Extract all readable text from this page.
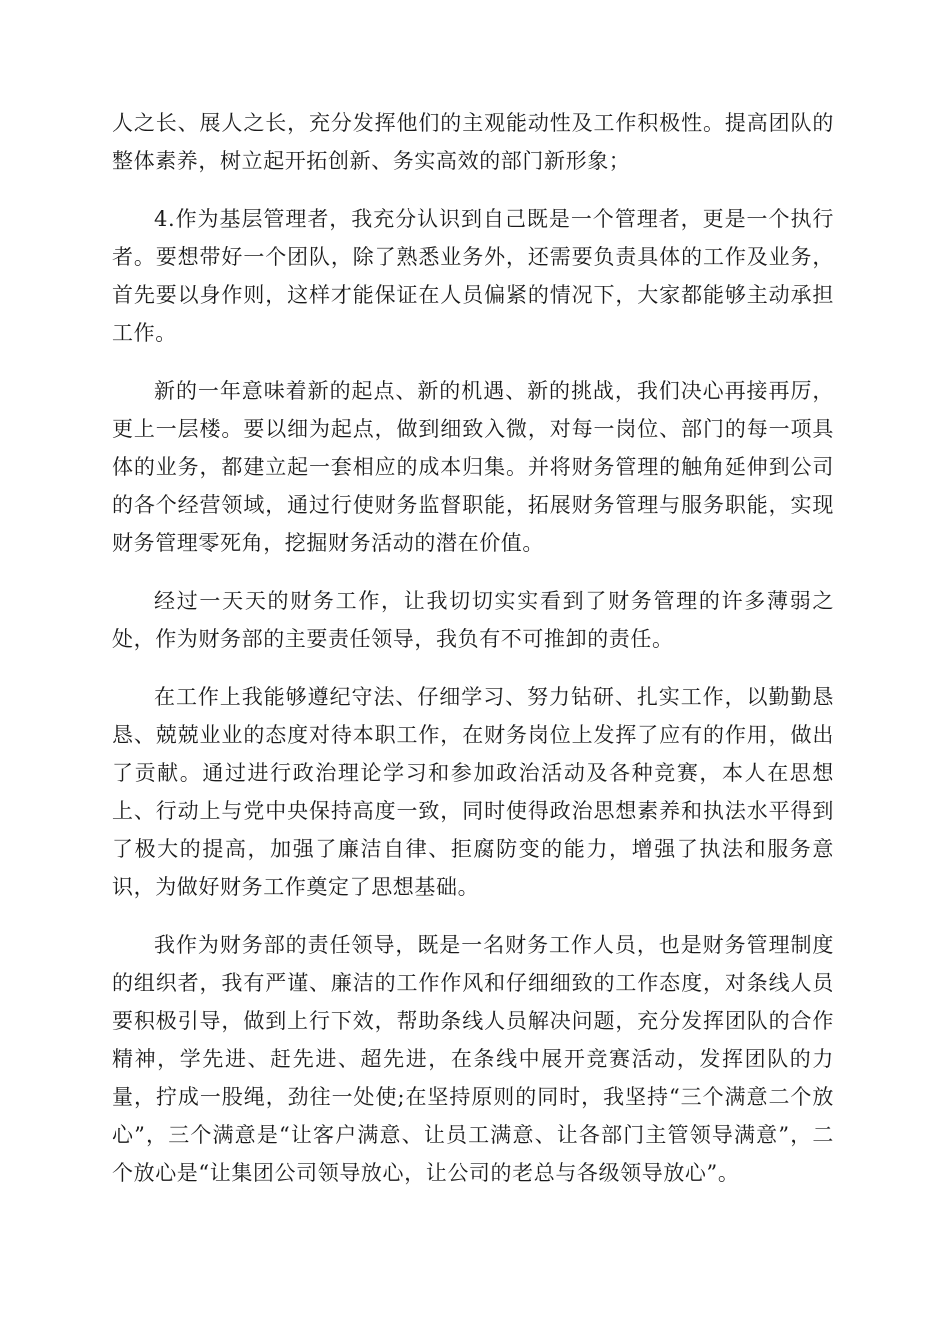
人之长、展人之长，充分发挥他们的主观能动性及工作积极性。提高团队的整体素养，树立起开拓创新、务实高效的部门新形象；

4.作为基层管理者，我充分认识到自己既是一个管理者，更是一个执行者。要想带好一个团队，除了熟悉业务外，还需要负责具体的工作及业务，首先要以身作则，这样才能保证在人员偏紧的情况下，大家都能够主动承担工作。

新的一年意味着新的起点、新的机遇、新的挑战，我们决心再接再厉，更上一层楼。要以细为起点，做到细致入微，对每一岗位、部门的每一项具体的业务，都建立起一套相应的成本归集。并将财务管理的触角延伸到公司的各个经营领域，通过行使财务监督职能，拓展财务管理与服务职能，实现财务管理零死角，挖掘财务活动的潜在价值。

经过一天天的财务工作，让我切切实实看到了财务管理的许多薄弱之处，作为财务部的主要责任领导，我负有不可推卸的责任。

在工作上我能够遵纪守法、仔细学习、努力钻研、扎实工作，以勤勤恳恳、兢兢业业的态度对待本职工作，在财务岗位上发挥了应有的作用，做出了贡献。通过进行政治理论学习和参加政治活动及各种竞赛，本人在思想上、行动上与党中央保持高度一致，同时使得政治思想素养和执法水平得到了极大的提高，加强了廉洁自律、拒腐防变的能力，增强了执法和服务意识，为做好财务工作奠定了思想基础。

我作为财务部的责任领导，既是一名财务工作人员，也是财务管理制度的组织者，我有严谨、廉洁的工作作风和仔细细致的工作态度，对条线人员要积极引导，做到上行下效，帮助条线人员解决问题，充分发挥团队的合作精神，学先进、赶先进、超先进，在条线中展开竞赛活动，发挥团队的力量，拧成一股绳，劲往一处使;在坚持原则的同时，我坚持“三个满意二个放心”，三个满意是“让客户满意、让员工满意、让各部门主管领导满意”，二个放心是“让集团公司领导放心，让公司的老总与各级领导放心”。
